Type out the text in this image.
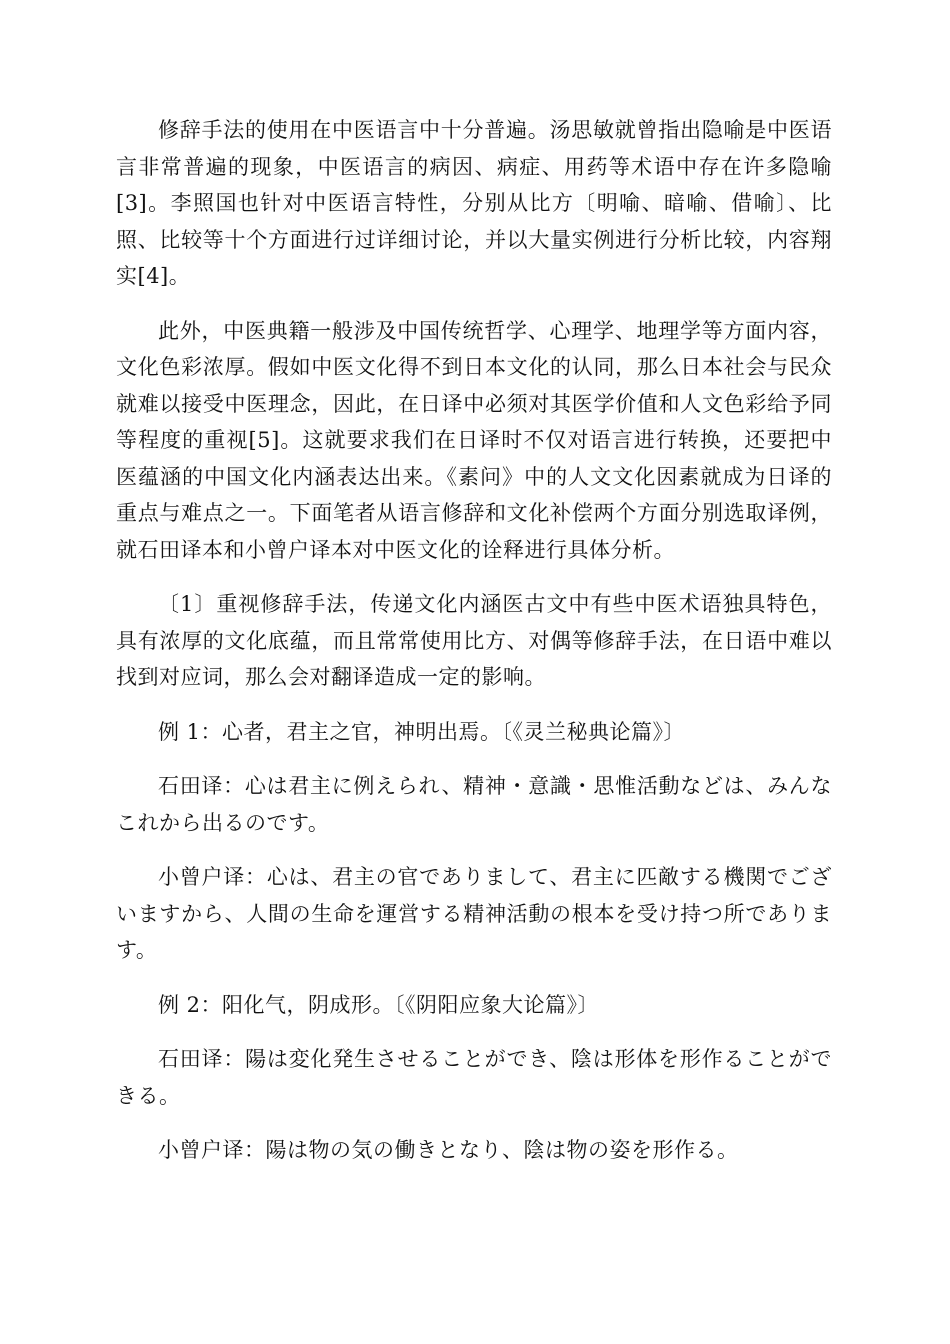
修辞手法的使用在中医语言中十分普遍。汤思敏就曾指出隐喻是中医语言非常普遍的现象，中医语言的病因、病症、用药等术语中存在许多隐喻[3]。李照国也针对中医语言特性，分别从比方〔明喻、暗喻、借喻〕、比照、比较等十个方面进行过详细讨论，并以大量实例进行分析比较，内容翔实[4]。

此外，中医典籍一般涉及中国传统哲学、心理学、地理学等方面内容，文化色彩浓厚。假如中医文化得不到日本文化的认同，那么日本社会与民众就难以接受中医理念，因此，在日译中必须对其医学价值和人文色彩给予同等程度的重视[5]。这就要求我们在日译时不仅对语言进行转换，还要把中医蕴涵的中国文化内涵表达出来。《素问》中的人文文化因素就成为日译的重点与难点之一。下面笔者从语言修辞和文化补偿两个方面分别选取译例，就石田译本和小曾户译本对中医文化的诠释进行具体分析。

〔1〕重视修辞手法，传递文化内涵医古文中有些中医术语独具特色，具有浓厚的文化底蕴，而且常常使用比方、对偶等修辞手法，在日语中难以找到对应词，那么会对翻译造成一定的影响。

例 1：心者，君主之官，神明出焉。〔《灵兰秘典论篇》〕

石田译：心は君主に例えられ、精神・意識・思惟活動などは、みんなこれから出るのです。

小曾户译：心は、君主の官でありまして、君主に匹敵する機関でございますから、人間の生命を運営する精神活動の根本を受け持つ所であります。

例 2：阳化气，阴成形。〔《阴阳应象大论篇》〕

石田译：陽は変化発生させることができ、陰は形体を形作ることができる。

小曾户译：陽は物の気の働きとなり、陰は物の姿を形作る。
